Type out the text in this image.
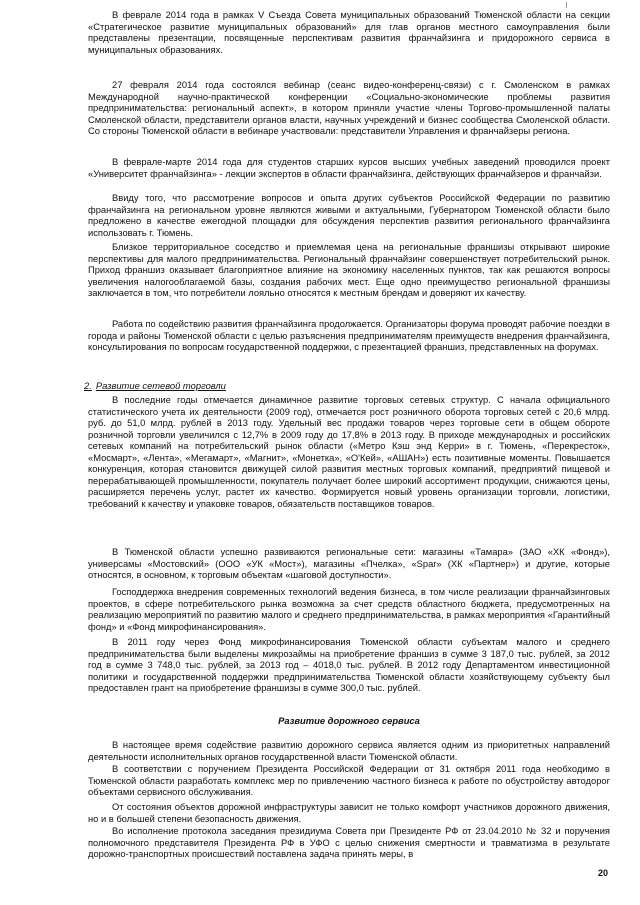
В феврале 2014 года в рамках V Съезда Совета муниципальных образований Тюменской области на секции «Стратегическое развитие муниципальных образований» для глав органов местного самоуправления были представлены презентации, посвященные перспективам развития франчайзинга и придорожного сервиса в муниципальных образованиях.

27 февраля 2014 года состоялся вебинар (сеанс видео-конференц-связи) с г. Смоленском в рамках Международной научно-практической конференции «Социально-экономические проблемы развития предпринимательства: региональный аспект», в котором приняли участие члены Торгово-промышленной палаты Смоленской области, представители органов власти, научных учреждений и бизнес сообщества Смоленской области. Со стороны Тюменской области в вебинаре участвовали: представители Управления и франчайзеры региона.

В феврале-марте 2014 года для студентов старших курсов высших учебных заведений проводился проект «Университет франчайзинга» - лекции экспертов в области франчайзинга, действующих франчайзеров и франчайзи.

Ввиду того, что рассмотрение вопросов и опыта других субъектов Российской Федерации по развитию франчайзинга на региональном уровне являются живыми и актуальными, Губернатором Тюменской области было предложено в качестве ежегодной площадки для обсуждения перспектив развития регионального франчайзинга использовать г. Тюмень.

Близкое территориальное соседство и приемлемая цена на региональные франшизы открывают широкие перспективы для малого предпринимательства. Региональный франчайзинг совершенствует потребительский рынок. Приход франшиз оказывает благоприятное влияние на экономику населенных пунктов, так как решаются вопросы увеличения налогооблагаемой базы, создания рабочих мест. Еще одно преимущество региональной франшизы заключается в том, что потребители лояльно относятся к местным брендам и доверяют их качеству.

Работа по содействию развития франчайзинга продолжается. Организаторы форума проводят рабочие поездки в города и районы Тюменской области с целью разъяснения предпринимателям преимуществ внедрения франчайзинга, консультирования по вопросам государственной поддержки, с презентацией франшиз, представленных на форумах.

2. Развитие сетевой торговли

В последние годы отмечается динамичное развитие торговых сетевых структур. С начала официального статистического учета их деятельности (2009 год), отмечается рост розничного оборота торговых сетей с 20,6 млрд. руб. до 51,0 млрд. рублей в 2013 году. Удельный вес продажи товаров через торговые сети в общем обороте розничной торговли увеличился с 12,7% в 2009 году до 17,8% в 2013 году. В приходе международных и российских сетевых компаний на потребительский рынок области («Метро Кэш энд Керри» в г. Тюмень, «Перекресток», «Мосмарт», «Лента», «Мегамарт», «Магнит», «Монетка», «О'Кей», «АШАН») есть позитивные моменты. Повышается конкуренция, которая становится движущей силой развития местных торговых компаний, предприятий пищевой и перерабатывающей промышленности, покупатель получает более широкий ассортимент продукции, снижаются цены, расширяется перечень услуг, растет их качество. Формируется новый уровень организации торговли, логистики, требований к качеству и упаковке товаров, обязательств поставщиков товаров.

В Тюменской области успешно развиваются региональные сети: магазины «Тамара» (ЗАО «ХК «Фонд»), универсамы «Мостовский» (ООО «УК «Мост»), магазины «Пчелка», «Spar» (ХК «Партнер») и другие, которые относятся, в основном, к торговым объектам «шаговой доступности».

Господдержка внедрения современных технологий ведения бизнеса, в том числе реализации франчайзинговых проектов, в сфере потребительского рынка возможна за счет средств областного бюджета, предусмотренных на реализацию мероприятий по развитию малого и среднего предпринимательства, в рамках мероприятия «Гарантийный фонд» и «Фонд микрофинансирования».

В 2011 году через Фонд микрофинансирования Тюменской области субъектам малого и среднего предпринимательства были выделены микрозаймы на приобретение франшиз в сумме 3 187,0 тыс. рублей, за 2012 год в сумме 3 748,0 тыс. рублей, за 2013 год – 4018,0 тыс. рублей. В 2012 году Департаментом инвестиционной политики и государственной поддержки предпринимательства Тюменской области хозяйствующему субъекту был предоставлен грант на приобретение франшизы в сумме 300,0 тыс. рублей.

Развитие дорожного сервиса

В настоящее время содействие развитию дорожного сервиса является одним из приоритетных направлений деятельности исполнительных органов государственной власти Тюменской области.

В соответствии с поручением Президента Российской Федерации от 31 октября 2011 года необходимо в Тюменской области разработать комплекс мер по привлечению частного бизнеса к работе по обустройству автодорог объектами сервисного обслуживания.

От состояния объектов дорожной инфраструктуры зависит не только комфорт участников дорожного движения, но и в большей степени безопасность движения.

Во исполнение протокола заседания президиума Совета при Президенте РФ от 23.04.2010 № 32 и поручения полномочного представителя Президента РФ в УФО с целью снижения смертности и травматизма в результате дорожно-транспортных происшествий поставлена задача принять меры, в

20
